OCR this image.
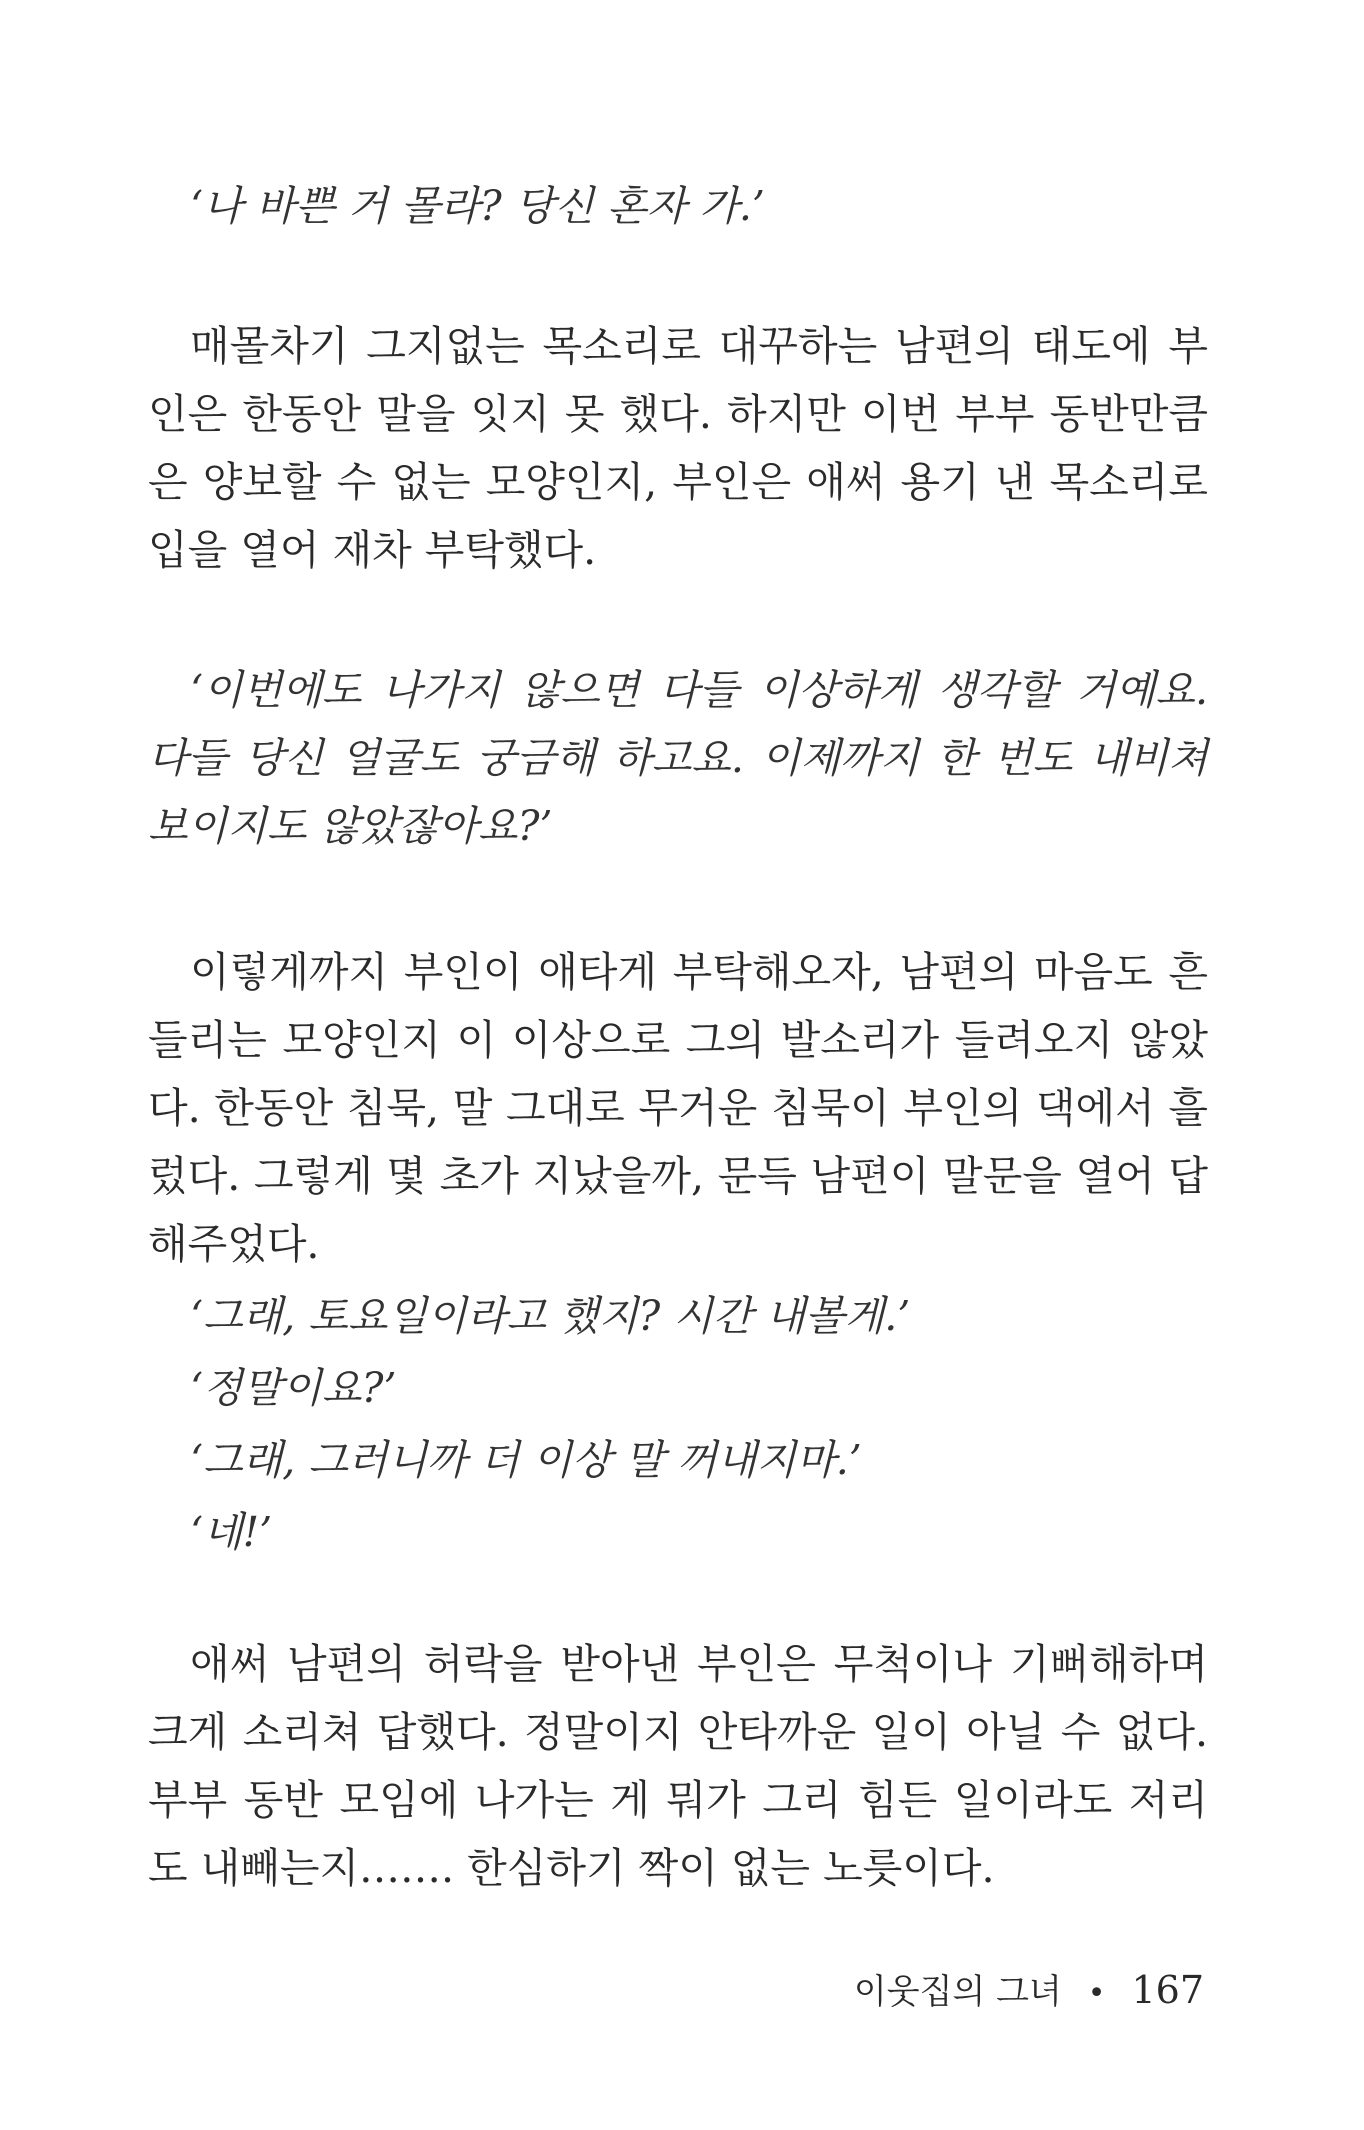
‘나 바쁜 거 몰라? 당신 혼자 가.’

매몰차기 그지없는 목소리로 대꾸하는 남편의 태도에 부인은 한동안 말을 잇지 못 했다. 하지만 이번 부부 동반만큼은 양보할 수 없는 모양인지, 부인은 애써 용기 낸 목소리로 입을 열어 재차 부탁했다.

‘이번에도 나가지 않으면 다들 이상하게 생각할 거예요. 다들 당신 얼굴도 궁금해 하고요. 이제까지 한 번도 내비쳐 보이지도 않았잖아요?’

이렇게까지 부인이 애타게 부탁해오자, 남편의 마음도 흔들리는 모양인지 이 이상으로 그의 발소리가 들려오지 않았다. 한동안 침묵, 말 그대로 무거운 침묵이 부인의 댁에서 흘렀다. 그렇게 몇 초가 지났을까, 문득 남편이 말문을 열어 답해주었다.

‘그래, 토요일이라고 했지? 시간 내볼게.’
‘정말이요?’
‘그래, 그러니까 더 이상 말 꺼내지마.’
‘네!’

애써 남편의 허락을 받아낸 부인은 무척이나 기뻐해하며 크게 소리쳐 답했다. 정말이지 안타까운 일이 아닐 수 없다. 부부 동반 모임에 나가는 게 뭐가 그리 힘든 일이라도 저리도 내빼는지……. 한심하기 짝이 없는 노릇이다.

이웃집의 그녀 • 167
